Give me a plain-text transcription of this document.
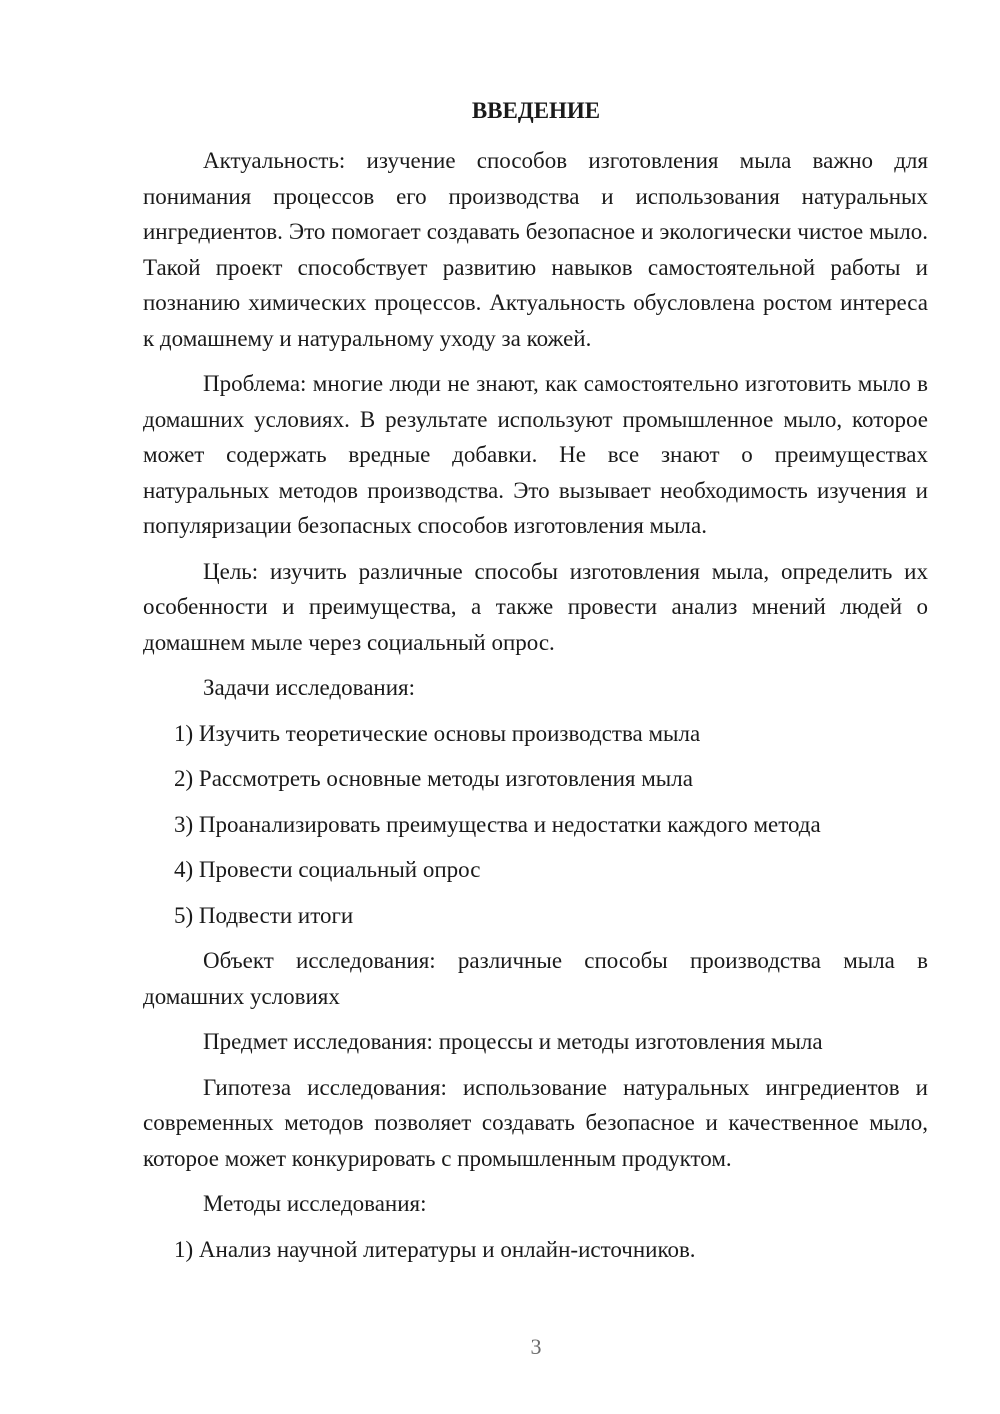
ВВЕДЕНИЕ

Актуальность: изучение способов изготовления мыла важно для понимания процессов его производства и использования натуральных ингредиентов. Это помогает создавать безопасное и экологически чистое мыло. Такой проект способствует развитию навыков самостоятельной работы и познанию химических процессов. Актуальность обусловлена ростом интереса к домашнему и натуральному уходу за кожей.

Проблема: многие люди не знают, как самостоятельно изготовить мыло в домашних условиях. В результате используют промышленное мыло, которое может содержать вредные добавки. Не все знают о преимуществах натуральных методов производства. Это вызывает необходимость изучения и популяризации безопасных способов изготовления мыла.

Цель: изучить различные способы изготовления мыла, определить их особенности и преимущества, а также провести анализ мнений людей о домашнем мыле через социальный опрос.

Задачи исследования:

1) Изучить теоретические основы производства мыла

2) Рассмотреть основные методы изготовления мыла

3) Проанализировать преимущества и недостатки каждого метода

4) Провести социальный опрос

5) Подвести итоги

Объект исследования: различные способы производства мыла в домашних условиях

Предмет исследования: процессы и методы изготовления мыла

Гипотеза исследования: использование натуральных ингредиентов и современных методов позволяет создавать безопасное и качественное мыло, которое может конкурировать с промышленным продуктом.

Методы исследования:

1) Анализ научной литературы и онлайн-источников.

3
